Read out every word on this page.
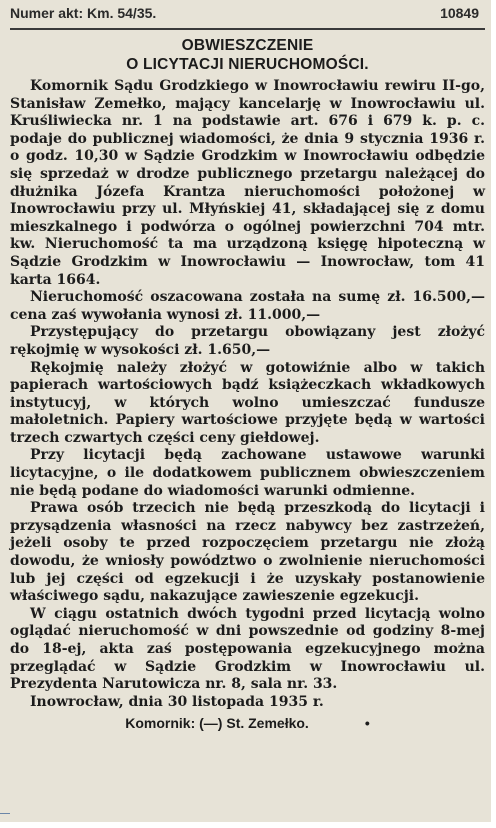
Numer akt: Km. 54/35.	10849
OBWIESZCZENIE
O LICYTACJI NIERUCHOMOŚCI.

Komornik Sądu Grodzkiego w Inowrocławiu rewiru II-go, Stanisław Zemełko, mający kancelarję w Inowrocławiu ul. Kruśliwiecka nr. 1 na podstawie art. 676 i 679 k. p. c. podaje do publicznej wiadomości, że dnia 9 stycznia 1936 r. o godz. 10,30 w Sądzie Grodzkim w Inowrocławiu odbędzie się sprzedaż w drodze publicznego przetargu należącej do dłużnika Józefa Krantza nieruchomości położonej w Inowrocławiu przy ul. Młyńskiej 41, składającej się z domu mieszkalnego i podwórza o ogólnej powierzchni 704 mtr. kw. Nieruchomość ta ma urządzoną księgę hipoteczną w Sądzie Grodzkim w Inowrocławiu — Inowrocław, tom 41 karta 1664.

Nieruchomość oszacowana została na sumę zł. 16.500,— cena zaś wywołania wynosi zł. 11.000,—

Przystępujący do przetargu obowiązany jest złożyć rękojmię w wysokości zł. 1.650,—

Rękojmię należy złożyć w gotowiźnie albo w takich papierach wartościowych bądź książeczkach wkładkowych instytucyj, w których wolno umieszczać fundusze małoletnich. Papiery wartościowe przyjęte będą w wartości trzech czwartych części ceny giełdowej.

Przy licytacji będą zachowane ustawowe warunki licytacyjne, o ile dodatkowem publicznem obwieszczeniem nie będą podane do wiadomości warunki odmienne.

Prawa osób trzecich nie będą przeszkodą do licytacji i przysądzenia własności na rzecz nabywcy bez zastrzeżeń, jeżeli osoby te przed rozpoczęciem przetargu nie złożą dowodu, że wniosły powództwo o zwolnienie nieruchomości lub jej części od egzekucji i że uzyskały postanowienie właściwego sądu, nakazujące zawieszenie egzekucji.

W ciągu ostatnich dwóch tygodni przed licytacją wolno oglądać nieruchomość w dni powszednie od godziny 8-mej do 18-ej, akta zaś postępowania egzekucyjnego można przeglądać w Sądzie Grodzkim w Inowrocławiu ul. Prezydenta Narutowicza nr. 8, sala nr. 33.

Inowrocław, dnia 30 listopada 1935 r.

Komornik: (—) St. Zemełko.	•
